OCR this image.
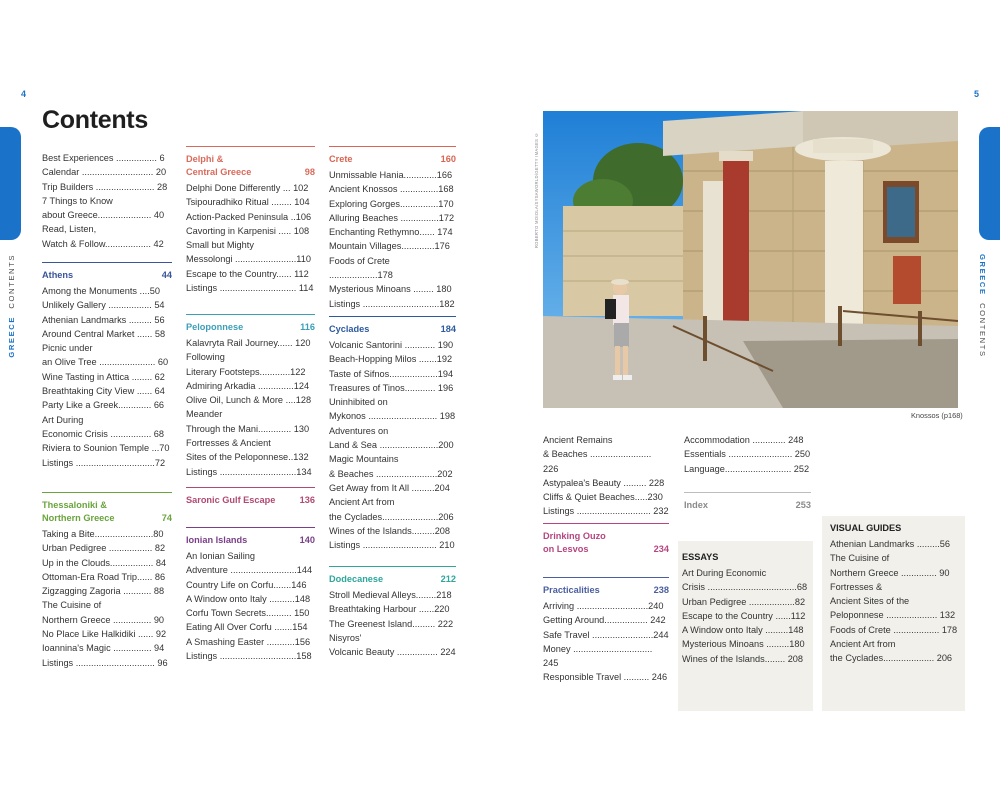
4	5
GREECE  CONTENTS	GREECE  CONTENTS
Contents
Best Experiences ................ 6
Calendar ............................ 20
Trip Builders ....................... 28
7 Things to Know
about Greece..................... 40
Read, Listen,
Watch & Follow.................. 42
Athens	44
Among the Monuments ....50
Unlikely Gallery ................. 54
Athenian Landmarks ......... 56
Around Central Market ...... 58
Picnic under
an Olive Tree ...................... 60
Wine Tasting in Attica ........ 62
Breathtaking City View ...... 64
Party Like a Greek............. 66
Art During
Economic Crisis ................ 68
Riviera to Sounion Temple ...70
Listings ...............................72
Thessaloniki &
Northern Greece	74
Taking a Bite.......................80
Urban Pedigree ................. 82
Up in the Clouds................. 84
Ottoman-Era Road Trip...... 86
Zigzagging Zagoria ........... 88
The Cuisine of
Northern Greece ............... 90
No Place Like Halkidiki ...... 92
Ioannina's Magic ............... 94
Listings ............................... 96
Delphi &
Central Greece	98
Delphi Done Differently ... 102
Tsipouradhiko Ritual ........ 104
Action-Packed Peninsula ..106
Cavorting in Karpenisi ..... 108
Small but Mighty
Messolongi ........................110
Escape to the Country...... 112
Listings .............................. 114
Peloponnese	116
Kalavryta Rail Journey...... 120
Following
Literary Footsteps............122
Admiring Arkadia ..............124
Olive Oil, Lunch & More ....128
Meander
Through the Mani............. 130
Fortresses & Ancient
Sites of the Peloponnese..132
Listings ..............................134
Saronic Gulf Escape	136
Ionian Islands	140
An Ionian Sailing
Adventure ..........................144
Country Life on Corfu.......146
A Window onto Italy ..........148
Corfu Town Secrets.......... 150
Eating All Over Corfu .......154
A Smashing Easter ...........156
Listings ..............................158
Crete	160
Unmissable Hania.............166
Ancient Knossos ...............168
Exploring Gorges...............170
Alluring Beaches ...............172
Enchanting Rethymno...... 174
Mountain Villages.............176
Foods of Crete ...................178
Mysterious Minoans ........ 180
Listings ..............................182
Cyclades	184
Volcanic Santorini ............ 190
Beach-Hopping Milos .......192
Taste of Sifnos...................194
Treasures of Tinos............ 196
Uninhibited on
Mykonos ........................... 198
Adventures on
Land & Sea .......................200
Magic Mountains
& Beaches ........................202
Get Away from It All .........204
Ancient Art from
the Cyclades......................206
Wines of the Islands.........208
Listings ............................. 210
Dodecanese	212
Stroll Medieval Alleys........218
Breathtaking Harbour ......220
The Greenest Island......... 222
Nisyros'
Volcanic Beauty ................ 224
ROBERTO MOIOLA/SYSAWORLD/GETTY IMAGES ©
Knossos (p168)
Ancient Remains
& Beaches ........................ 226
Astypalea's Beauty ......... 228
Cliffs & Quiet Beaches.....230
Listings ............................. 232
Drinking Ouzo
on Lesvos	234
Practicalities	238
Arriving ............................240
Getting Around................. 242
Safe Travel ........................244
Money ............................... 245
Responsible Travel .......... 246
Accommodation ............. 248
Essentials ......................... 250
Language.......................... 252
Index	253
ESSAYS
Art During Economic
Crisis ...................................68
Urban Pedigree ..................82
Escape to the Country ......112
A Window onto Italy .........148
Mysterious Minoans .........180
Wines of the Islands........ 208
VISUAL GUIDES
Athenian Landmarks .........56
The Cuisine of
Northern Greece .............. 90
Fortresses &
Ancient Sites of the
Peloponnese .................... 132
Foods of Crete .................. 178
Ancient Art from
the Cyclades.................... 206
